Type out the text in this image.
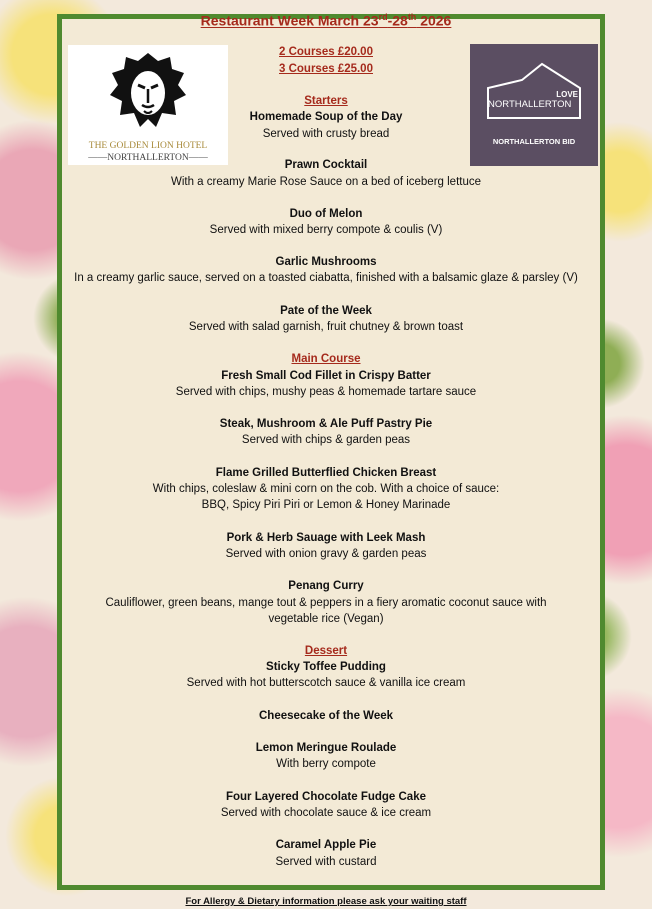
Restaurant Week March 23rd-28th 2026
2 Courses £20.00
3 Courses £25.00
THE GOLDEN LION HOTEL
——NORTHALLERTON——
LOVE
NORTHALLERTON
NORTHALLERTON BID
Starters
Homemade Soup of the Day
Served with crusty bread
Prawn Cocktail
With a creamy Marie Rose Sauce on a bed of iceberg lettuce
Duo of Melon
Served with mixed berry compote & coulis (V)
Garlic Mushrooms
In a creamy garlic sauce, served on a toasted ciabatta, finished with a balsamic glaze & parsley (V)
Pate of the Week
Served with salad garnish, fruit chutney & brown toast
Main Course
Fresh Small Cod Fillet in Crispy Batter
Served with chips, mushy peas & homemade tartare sauce
Steak, Mushroom & Ale Puff Pastry Pie
Served with chips & garden peas
Flame Grilled Butterflied Chicken Breast
With chips, coleslaw & mini corn on the cob. With a choice of sauce:
BBQ, Spicy Piri Piri or Lemon & Honey Marinade
Pork & Herb Sauage with Leek Mash
Served with onion gravy & garden peas
Penang Curry
Cauliflower, green beans, mange tout & peppers in a fiery aromatic coconut sauce with
vegetable rice (Vegan)
Dessert
Sticky Toffee Pudding
Served with hot butterscotch sauce & vanilla ice cream
Cheesecake of the Week
Lemon Meringue Roulade
With berry compote
Four Layered Chocolate Fudge Cake
Served with chocolate sauce & ice cream
Caramel Apple Pie
Served with custard
For Allergy & Dietary information please ask your waiting staff
